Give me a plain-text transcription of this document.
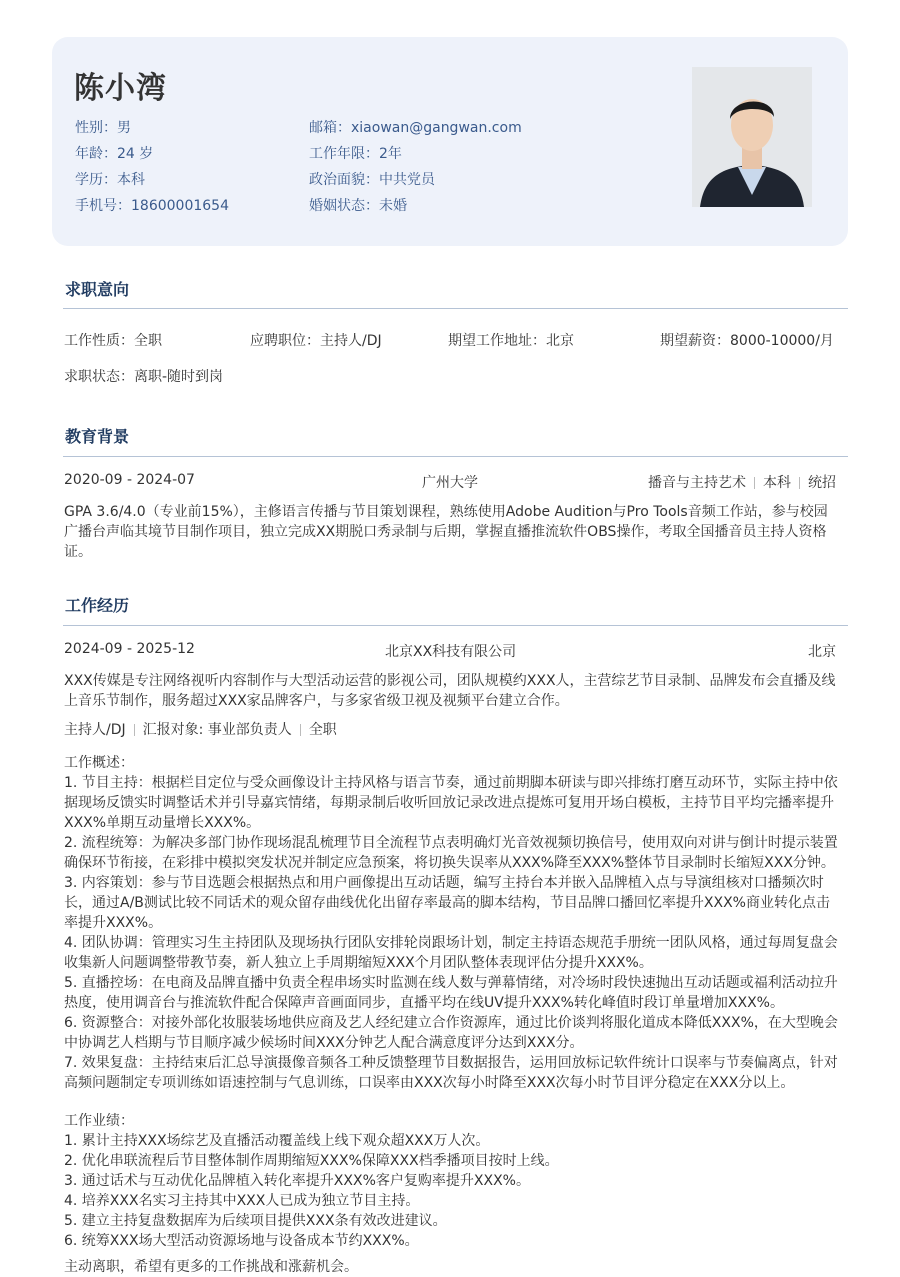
陈小湾
性别：男	邮箱：xiaowan@gangwan.com
年龄：24 岁	工作年限：2年
学历：本科	政治面貌：中共党员
手机号：18600001654	婚姻状态：未婚
求职意向
工作性质：全职	应聘职位：主持人/DJ	期望工作地址：北京	期望薪资：8000-10000/月
求职状态：离职-随时到岗
教育背景
2020-09 - 2024-07	广州大学	播音与主持艺术 本科 统招
GPA 3.6/4.0（专业前15%），主修语言传播与节目策划课程，熟练使用Adobe Audition与Pro Tools音频工作站，参与校园广播台声临其境节目制作项目，独立完成XX期脱口秀录制与后期，掌握直播推流软件OBS操作，考取全国播音员主持人资格证。
工作经历
2024-09 - 2025-12	北京XX科技有限公司	北京
XXX传媒是专注网络视听内容制作与大型活动运营的影视公司，团队规模约XXX人，主营综艺节目录制、品牌发布会直播及线上音乐节制作，服务超过XXX家品牌客户，与多家省级卫视及视频平台建立合作。
主持人/DJ 汇报对象: 事业部负责人 全职
工作概述：
1. 节目主持：根据栏目定位与受众画像设计主持风格与语言节奏，通过前期脚本研读与即兴排练打磨互动环节，实际主持中依据现场反馈实时调整话术并引导嘉宾情绪，每期录制后收听回放记录改进点提炼可复用开场白模板，主持节目平均完播率提升XXX%单期互动量增长XXX%。
2. 流程统筹：为解决多部门协作现场混乱梳理节目全流程节点表明确灯光音效视频切换信号，使用双向对讲与倒计时提示装置确保环节衔接，在彩排中模拟突发状况并制定应急预案，将切换失误率从XXX%降至XXX%整体节目录制时长缩短XXX分钟。
3. 内容策划：参与节目选题会根据热点和用户画像提出互动话题，编写主持台本并嵌入品牌植入点与导演组核对口播频次时长，通过A/B测试比较不同话术的观众留存曲线优化出留存率最高的脚本结构，节目品牌口播回忆率提升XXX%商业转化点击率提升XXX%。
4. 团队协调：管理实习生主持团队及现场执行团队安排轮岗跟场计划，制定主持语态规范手册统一团队风格，通过每周复盘会收集新人问题调整带教节奏，新人独立上手周期缩短XXX个月团队整体表现评估分提升XXX%。
5. 直播控场：在电商及品牌直播中负责全程串场实时监测在线人数与弹幕情绪，对冷场时段快速抛出互动话题或福利活动拉升热度，使用调音台与推流软件配合保障声音画面同步，直播平均在线UV提升XXX%转化峰值时段订单量增加XXX%。
6. 资源整合：对接外部化妆服装场地供应商及艺人经纪建立合作资源库，通过比价谈判将服化道成本降低XXX%，在大型晚会中协调艺人档期与节目顺序减少候场时间XXX分钟艺人配合满意度评分达到XXX分。
7. 效果复盘：主持结束后汇总导演摄像音频各工种反馈整理节目数据报告，运用回放标记软件统计口误率与节奏偏离点，针对高频问题制定专项训练如语速控制与气息训练，口误率由XXX次每小时降至XXX次每小时节目评分稳定在XXX分以上。
工作业绩：
1. 累计主持XXX场综艺及直播活动覆盖线上线下观众超XXX万人次。
2. 优化串联流程后节目整体制作周期缩短XXX%保障XXX档季播项目按时上线。
3. 通过话术与互动优化品牌植入转化率提升XXX%客户复购率提升XXX%。
4. 培养XXX名实习主持其中XXX人已成为独立节目主持。
5. 建立主持复盘数据库为后续项目提供XXX条有效改进建议。
6. 统筹XXX场大型活动资源场地与设备成本节约XXX%。
主动离职，希望有更多的工作挑战和涨薪机会。
